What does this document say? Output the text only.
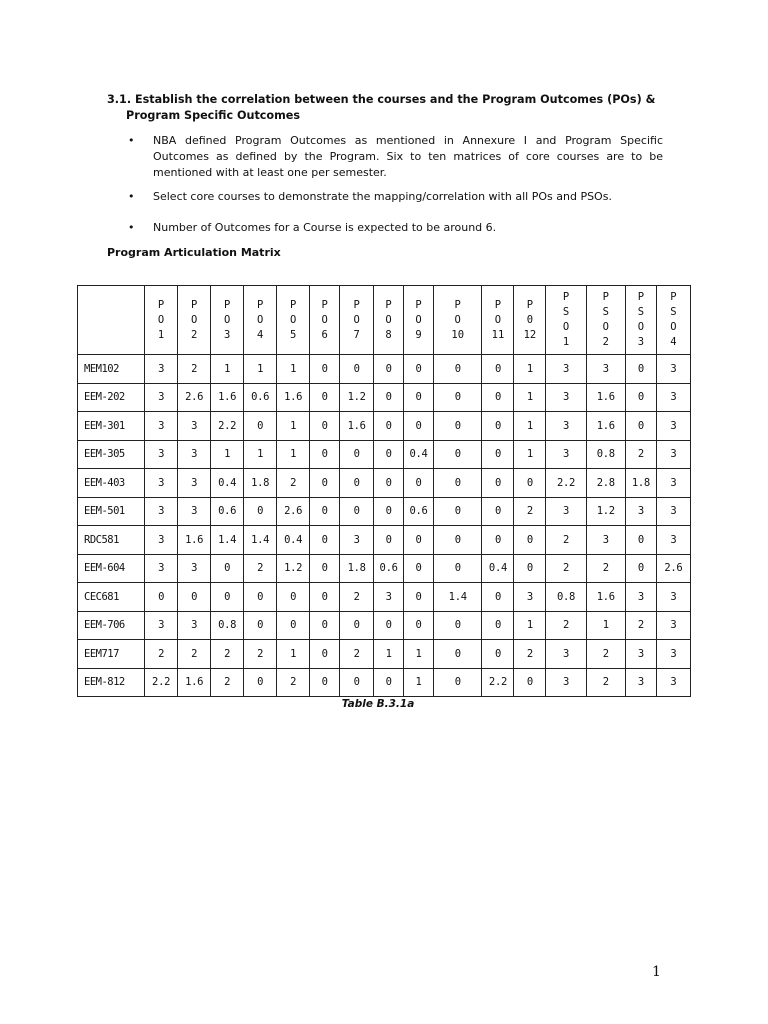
3.1. Establish the correlation between the courses and the Program Outcomes (POs) &
Program Specific Outcomes
• NBA defined Program Outcomes as mentioned in Annexure I and Program Specific Outcomes as defined by the Program. Six to ten matrices of core courses are to be mentioned with at least one per semester.
• Select core courses to demonstrate the mapping/correlation with all POs and PSOs.
• Number of Outcomes for a Course is expected to be around 6.
Program Articulation Matrix

	P
O
1	P
O
2	P
O
3	P
O
4	P
O
5	P
O
6	P
O
7	P
O
8	P
O
9	P
O
10	P
O
11	P
0
12	P
S
O
1	P
S
O
2	P
S
O
3	P
S
O
4

MEM102	3	2	1	1	1	0	0	0	0	0	0	1	3	3	0	3
EEM-202	3	2.6	1.6	0.6	1.6	0	1.2	0	0	0	0	1	3	1.6	0	3
EEM-301	3	3	2.2	0	1	0	1.6	0	0	0	0	1	3	1.6	0	3
EEM-305	3	3	1	1	1	0	0	0	0.4	0	0	1	3	0.8	2	3
EEM-403	3	3	0.4	1.8	2	0	0	0	0	0	0	0	2.2	2.8	1.8	3
EEM-501	3	3	0.6	0	2.6	0	0	0	0.6	0	0	2	3	1.2	3	3
RDC581	3	1.6	1.4	1.4	0.4	0	3	0	0	0	0	0	2	3	0	3
EEM-604	3	3	0	2	1.2	0	1.8	0.6	0	0	0.4	0	2	2	0	2.6
CEC681	0	0	0	0	0	0	2	3	0	1.4	0	3	0.8	1.6	3	3
EEM-706	3	3	0.8	0	0	0	0	0	0	0	0	1	2	1	2	3
EEM717	2	2	2	2	1	0	2	1	1	0	0	2	3	2	3	3
EEM-812	2.2	1.6	2	0	2	0	0	0	1	0	2.2	0	3	2	3	3
Table B.3.1a
1
